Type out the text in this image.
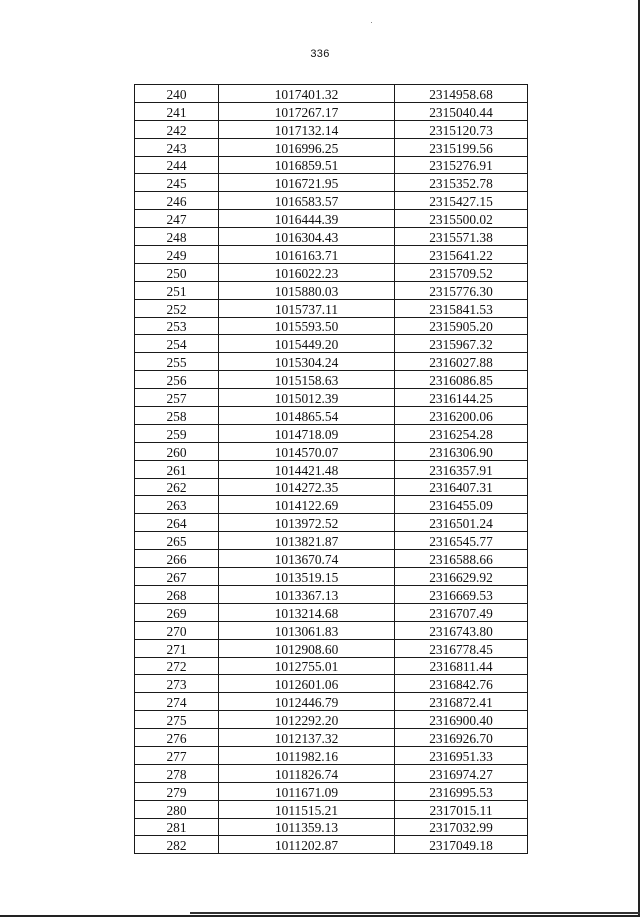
336
240	1017401.32	2314958.68
241	1017267.17	2315040.44
242	1017132.14	2315120.73
243	1016996.25	2315199.56
244	1016859.51	2315276.91
245	1016721.95	2315352.78
246	1016583.57	2315427.15
247	1016444.39	2315500.02
248	1016304.43	2315571.38
249	1016163.71	2315641.22
250	1016022.23	2315709.52
251	1015880.03	2315776.30
252	1015737.11	2315841.53
253	1015593.50	2315905.20
254	1015449.20	2315967.32
255	1015304.24	2316027.88
256	1015158.63	2316086.85
257	1015012.39	2316144.25
258	1014865.54	2316200.06
259	1014718.09	2316254.28
260	1014570.07	2316306.90
261	1014421.48	2316357.91
262	1014272.35	2316407.31
263	1014122.69	2316455.09
264	1013972.52	2316501.24
265	1013821.87	2316545.77
266	1013670.74	2316588.66
267	1013519.15	2316629.92
268	1013367.13	2316669.53
269	1013214.68	2316707.49
270	1013061.83	2316743.80
271	1012908.60	2316778.45
272	1012755.01	2316811.44
273	1012601.06	2316842.76
274	1012446.79	2316872.41
275	1012292.20	2316900.40
276	1012137.32	2316926.70
277	1011982.16	2316951.33
278	1011826.74	2316974.27
279	1011671.09	2316995.53
280	1011515.21	2317015.11
281	1011359.13	2317032.99
282	1011202.87	2317049.18
